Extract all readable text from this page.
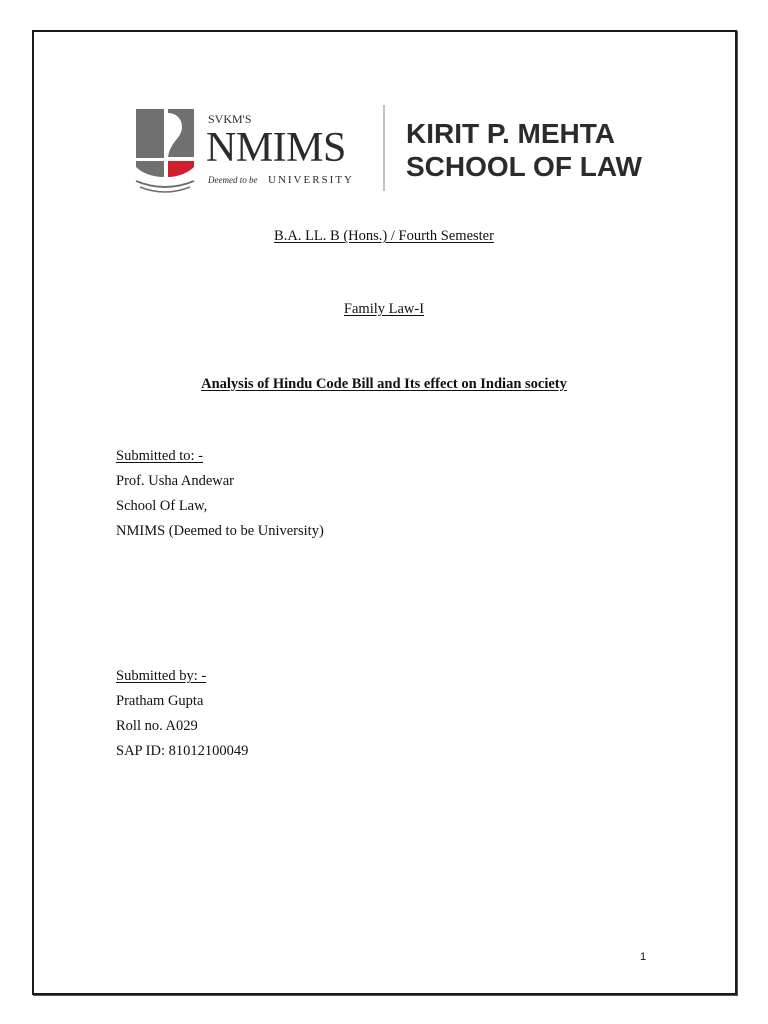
SVKM'S
NMIMS
Deemed to be UNIVERSITY
KIRIT P. MEHTA
SCHOOL OF LAW
B.A. LL. B (Hons.) / Fourth Semester
Family Law-I
Analysis of Hindu Code Bill and Its effect on Indian society
Submitted to: -
Prof. Usha Andewar
School Of Law,
NMIMS (Deemed to be University)
Submitted by: -
Pratham Gupta
Roll no. A029
SAP ID: 81012100049
1
